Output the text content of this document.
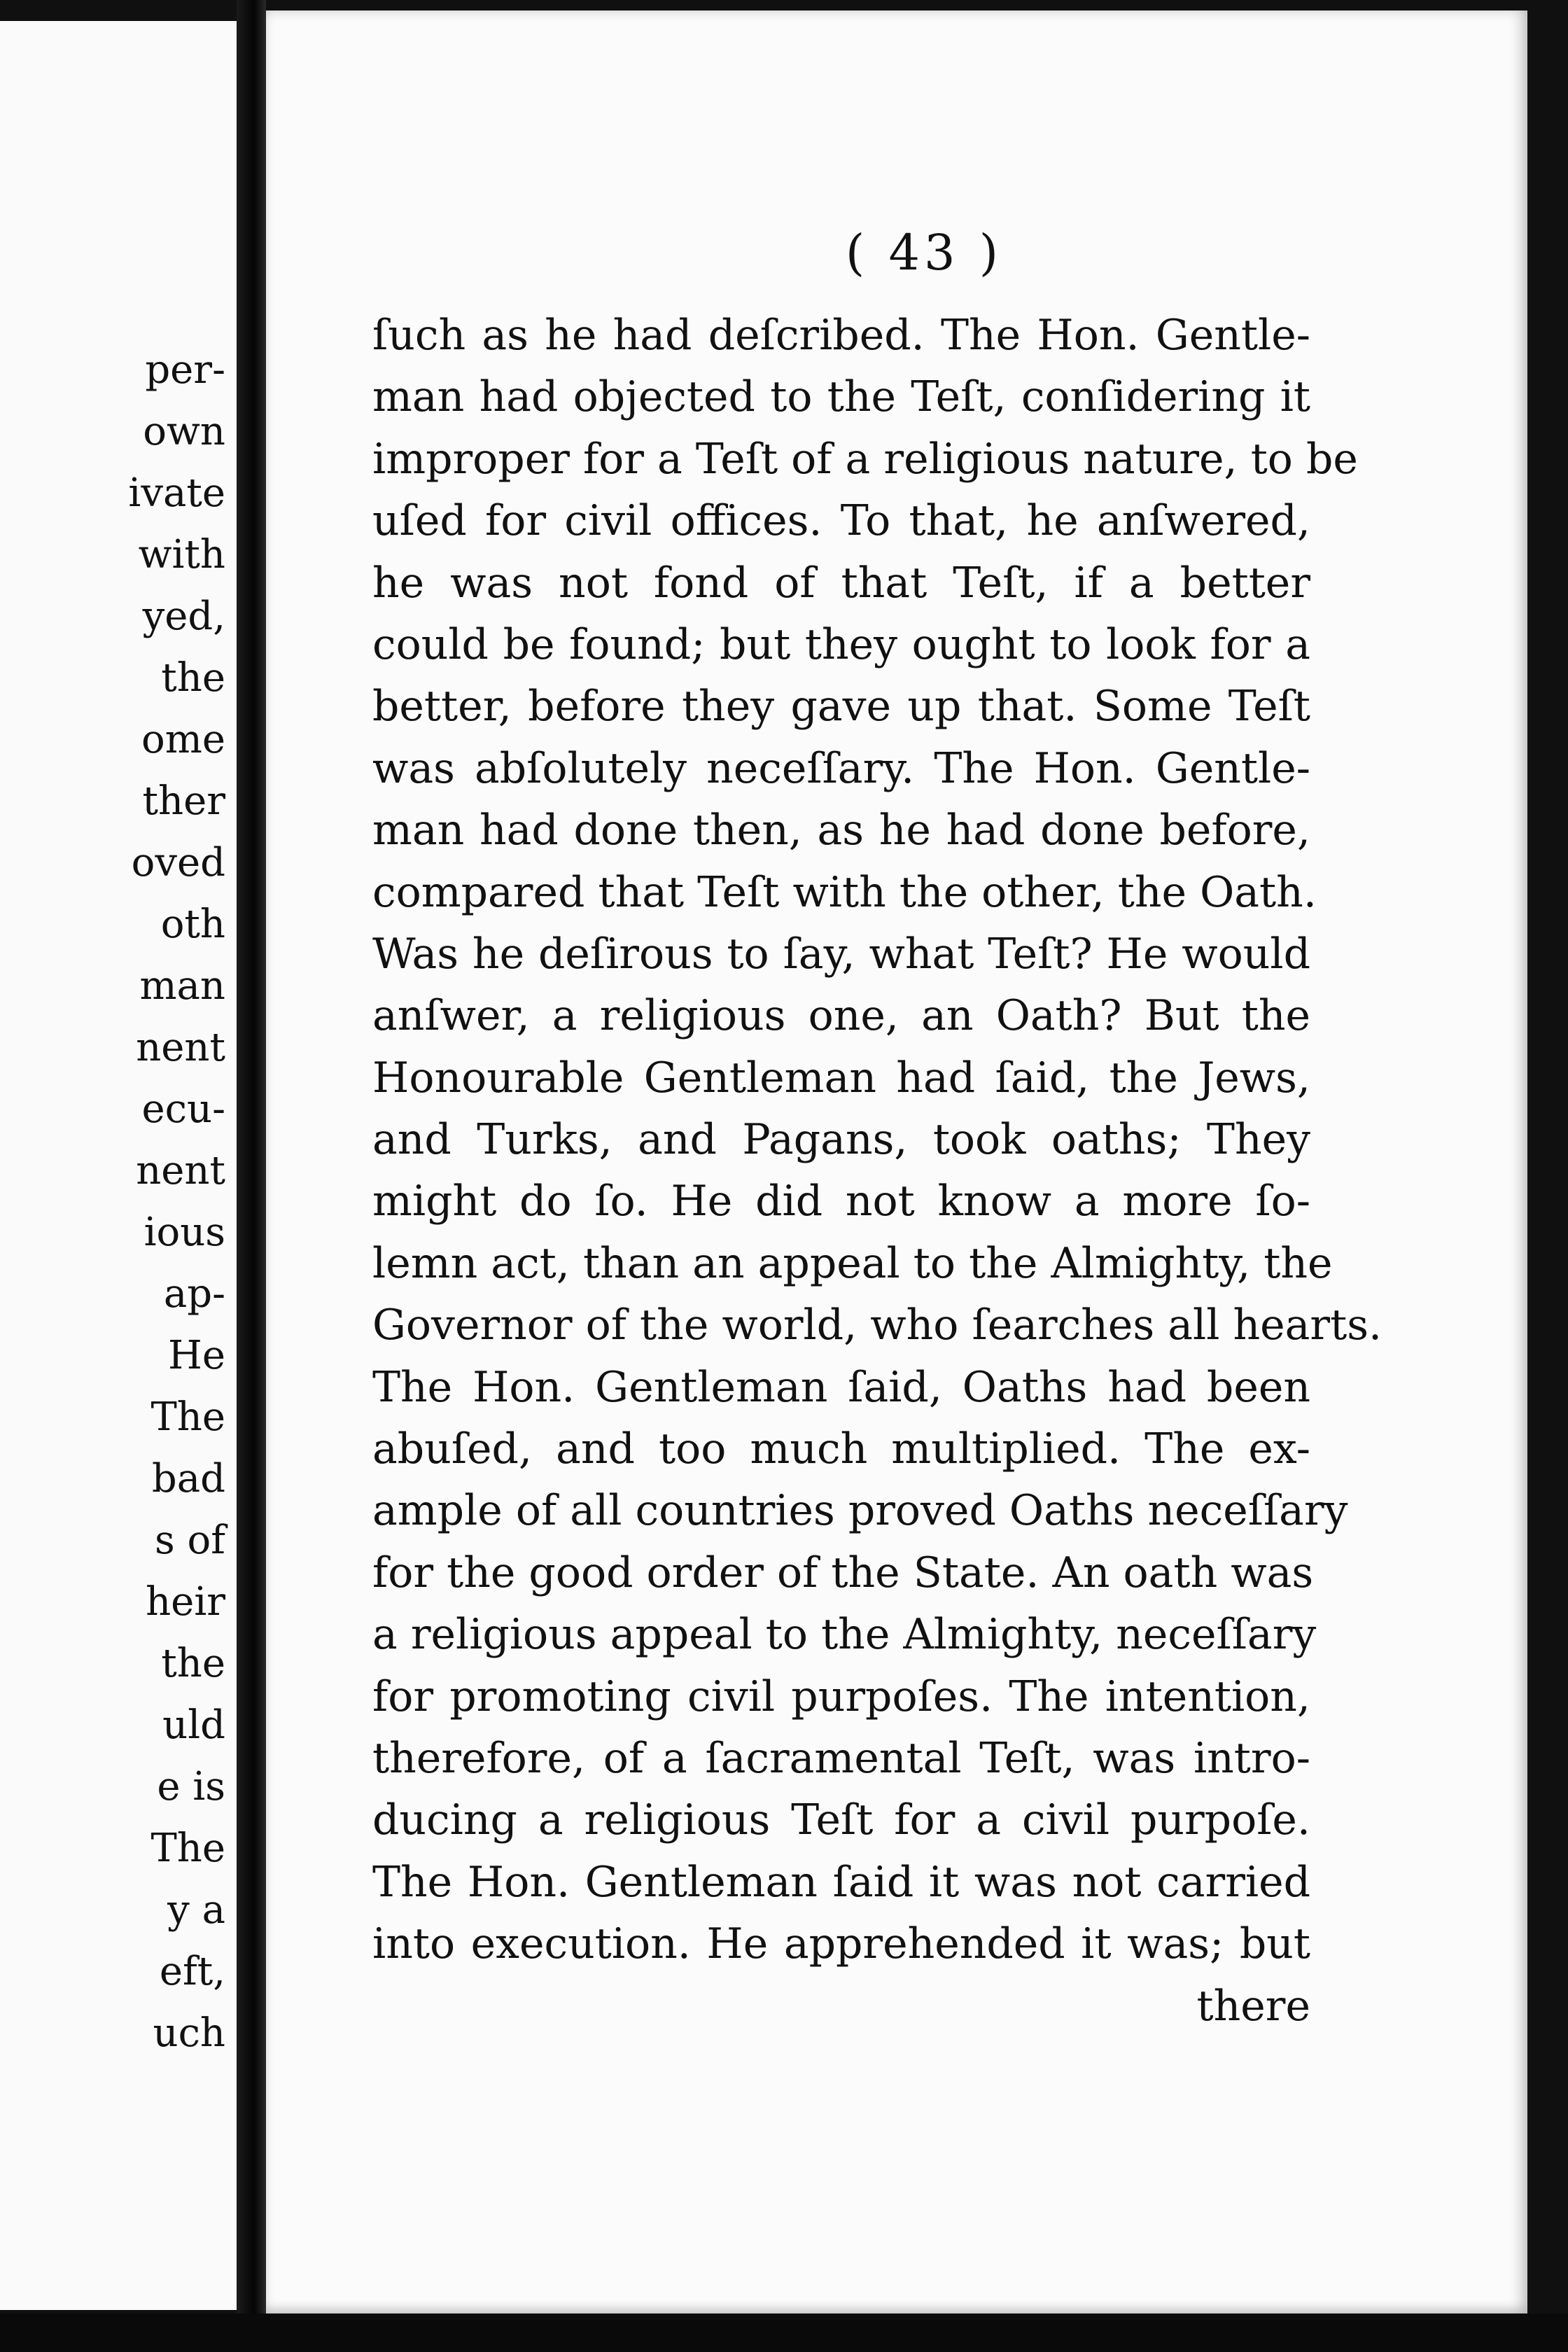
per-
own
ivate
with
yed,
the
ome
ther
oved
oth
man
nent
ecu-
nent
ious
ap-
He
The
bad
s of
heir
the
uld
e is
The
y a
eft,
uch
( 43 )
ſuch as he had deſcribed. The Hon. Gentle-
man had objected to the Teſt, conſidering it
improper for a Teſt of a religious nature, to be
uſed for civil offices. To that, he anſwered,
he was not fond of that Teſt, if a better
could be found; but they ought to look for a
better, before they gave up that. Some Teſt
was abſolutely neceſſary. The Hon. Gentle-
man had done then, as he had done before,
compared that Teſt with the other, the Oath.
Was he deſirous to ſay, what Teſt? He would
anſwer, a religious one, an Oath? But the
Honourable Gentleman had ſaid, the Jews,
and Turks, and Pagans, took oaths; They
might do ſo. He did not know a more ſo-
lemn act, than an appeal to the Almighty, the
Governor of the world, who ſearches all hearts.
The Hon. Gentleman ſaid, Oaths had been
abuſed, and too much multiplied. The ex-
ample of all countries proved Oaths neceſſary
for the good order of the State. An oath was
a religious appeal to the Almighty, neceſſary
for promoting civil purpoſes. The intention,
therefore, of a ſacramental Teſt, was intro-
ducing a religious Teſt for a civil purpoſe.
The Hon. Gentleman ſaid it was not carried
into execution. He apprehended it was; but
there
